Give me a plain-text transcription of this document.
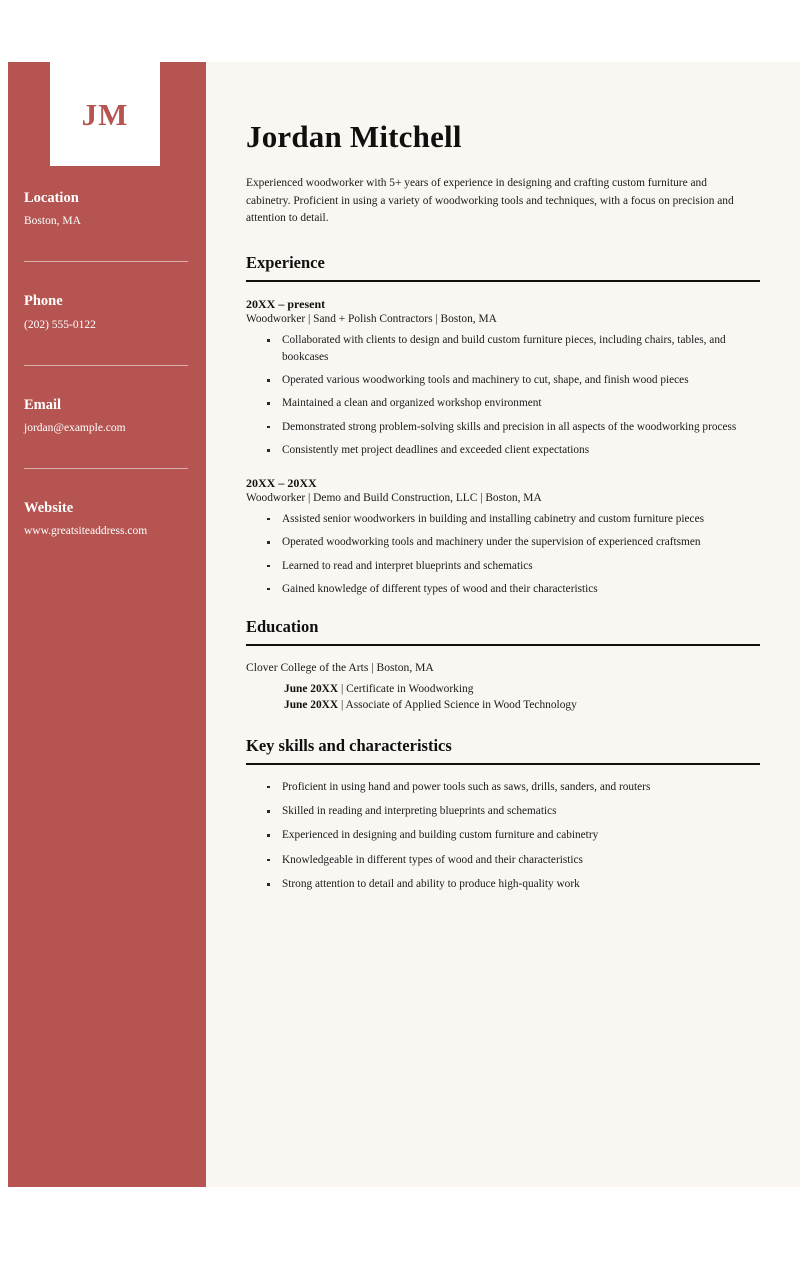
JM
Location
Boston, MA
Phone
(202) 555-0122
Email
jordan@example.com
Website
www.greatsiteaddress.com
Jordan Mitchell

Experienced woodworker with 5+ years of experience in designing and crafting custom furniture and cabinetry. Proficient in using a variety of woodworking tools and techniques, with a focus on precision and attention to detail.

Experience
20XX – present
Woodworker | Sand + Polish Contractors | Boston, MA
Collaborated with clients to design and build custom furniture pieces, including chairs, tables, and bookcases
Operated various woodworking tools and machinery to cut, shape, and finish wood pieces
Maintained a clean and organized workshop environment
Demonstrated strong problem-solving skills and precision in all aspects of the woodworking process
Consistently met project deadlines and exceeded client expectations
20XX – 20XX
Woodworker | Demo and Build Construction, LLC | Boston, MA
Assisted senior woodworkers in building and installing cabinetry and custom furniture pieces
Operated woodworking tools and machinery under the supervision of experienced craftsmen
Learned to read and interpret blueprints and schematics
Gained knowledge of different types of wood and their characteristics
Education
Clover College of the Arts | Boston, MA
June 20XX | Certificate in Woodworking
June 20XX | Associate of Applied Science in Wood Technology
Key skills and characteristics
Proficient in using hand and power tools such as saws, drills, sanders, and routers
Skilled in reading and interpreting blueprints and schematics
Experienced in designing and building custom furniture and cabinetry
Knowledgeable in different types of wood and their characteristics
Strong attention to detail and ability to produce high-quality work
